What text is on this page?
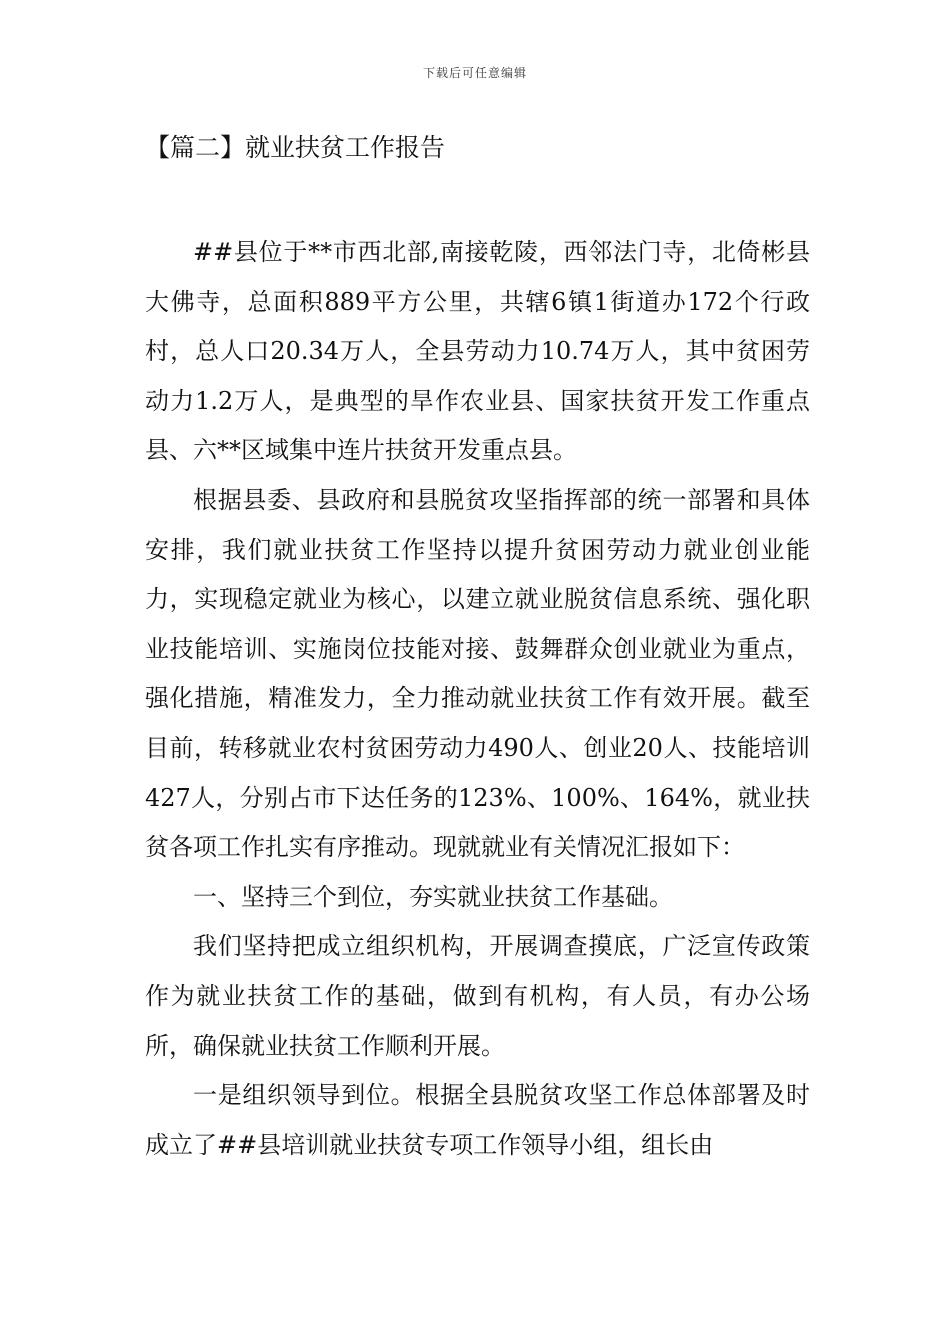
下载后可任意编辑
【篇二】就业扶贫工作报告

##县位于**市西北部,南接乾陵，西邻法门寺，北倚彬县大佛寺，总面积889平方公里，共辖6镇1街道办172个行政村，总人口20.34万人，全县劳动力10.74万人，其中贫困劳动力1.2万人，是典型的旱作农业县、国家扶贫开发工作重点县、六**区域集中连片扶贫开发重点县。

根据县委、县政府和县脱贫攻坚指挥部的统一部署和具体安排，我们就业扶贫工作坚持以提升贫困劳动力就业创业能力，实现稳定就业为核心，以建立就业脱贫信息系统、强化职业技能培训、实施岗位技能对接、鼓舞群众创业就业为重点，强化措施，精准发力，全力推动就业扶贫工作有效开展。截至目前，转移就业农村贫困劳动力490人、创业20人、技能培训427人，分别占市下达任务的123%、100%、164%，就业扶贫各项工作扎实有序推动。现就就业有关情况汇报如下：

一、坚持三个到位，夯实就业扶贫工作基础。

我们坚持把成立组织机构，开展调查摸底，广泛宣传政策作为就业扶贫工作的基础，做到有机构，有人员，有办公场所，确保就业扶贫工作顺利开展。

一是组织领导到位。根据全县脱贫攻坚工作总体部署及时成立了##县培训就业扶贫专项工作领导小组，组长由
